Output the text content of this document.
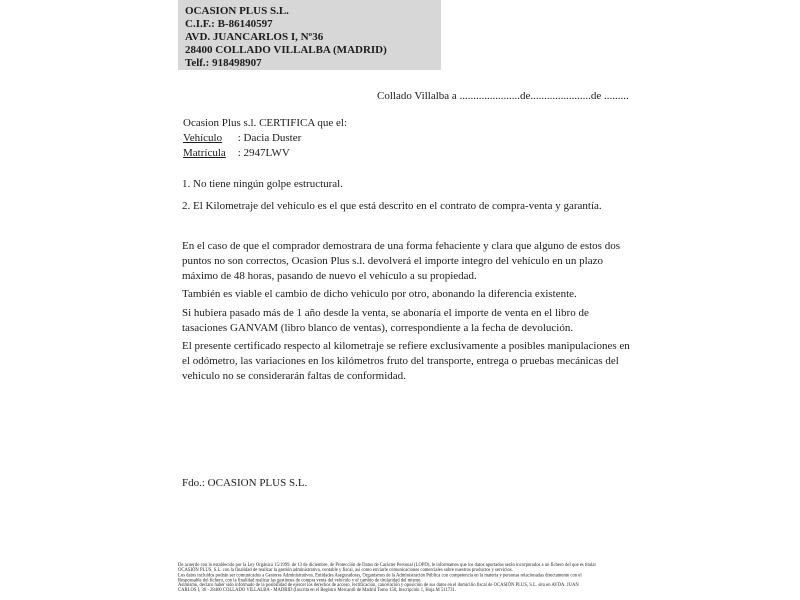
OCASION PLUS S.L.
C.I.F.: B-86140597
AVD. JUANCARLOS I, Nº36
28400 COLLADO VILLALBA (MADRID)
Telf.: 918498907
Collado Villalba a ......................de......................de .........
Ocasion Plus s.l. CERTIFICA que el:
Vehículo : Dacia Duster
Matrícula : 2947LWV
1. No tiene ningún golpe estructural.
2. El Kilometraje del vehículo es el que está descrito en el contrato de compra-venta y garantía.
En el caso de que el comprador demostrara de una forma fehaciente y clara que alguno de estos dos puntos no son correctos, Ocasion Plus s.l. devolverá el importe integro del vehículo en un plazo máximo de 48 horas, pasando de nuevo el vehículo a su propiedad.
También es viable el cambio de dicho vehiculo por otro, abonando la diferencia existente.
Si hubiera pasado más de 1 año desde la venta, se abonaría el importe de venta en el libro de tasaciones GANVAM (libro blanco de ventas), correspondiente a la fecha de devolución.
El presente certificado respecto al kilometraje se refiere exclusivamente a posibles manipulaciones en el odómetro, las variaciones en los kilómetros fruto del transporte, entrega o pruebas mecánicas del vehiculo no se considerarán faltas de conformidad.
Fdo.: OCASION PLUS S.L.
De acuerdo con lo establecido por la Ley Orgánica 15/1999, de 13 de diciembre, de Protección de Datos de Carácter Personal (LOPD), le informamos que los datos aportados serán incorporados a un fichero del que es titular
OCASIÓN PLUS, S.L. con la finalidad de realizar la gestión administrativa, contable y fiscal, así como enviarle comunicaciones comerciales sobre nuestros productos y servicios.
Los datos incluidos podrán ser comunicados a Gestores Administrativos, Entidades Aseguradoras, Organismos de la Administración Pública con competencia en la materia y personas relacionadas directamente con el
Responsable del fichero, con la finalidad realizar las gestiones de compra venta del vehículo y el cambio de titularidad del mismo.
Asimismo, declaro haber sido informado de la posibilidad de ejercer los derechos de acceso, rectificación, cancelación y oposición de sus datos en el domicilio fiscal de OCASIÓN PLUS, S.L. sito en AVDA. JUAN
CARLOS I, 36 - 28400 COLLADO VILLALBA - MADRID (Inscrita en el Registro Mercantil de Madrid Tomo 150, Inscripción 1, Hoja M 511731.
